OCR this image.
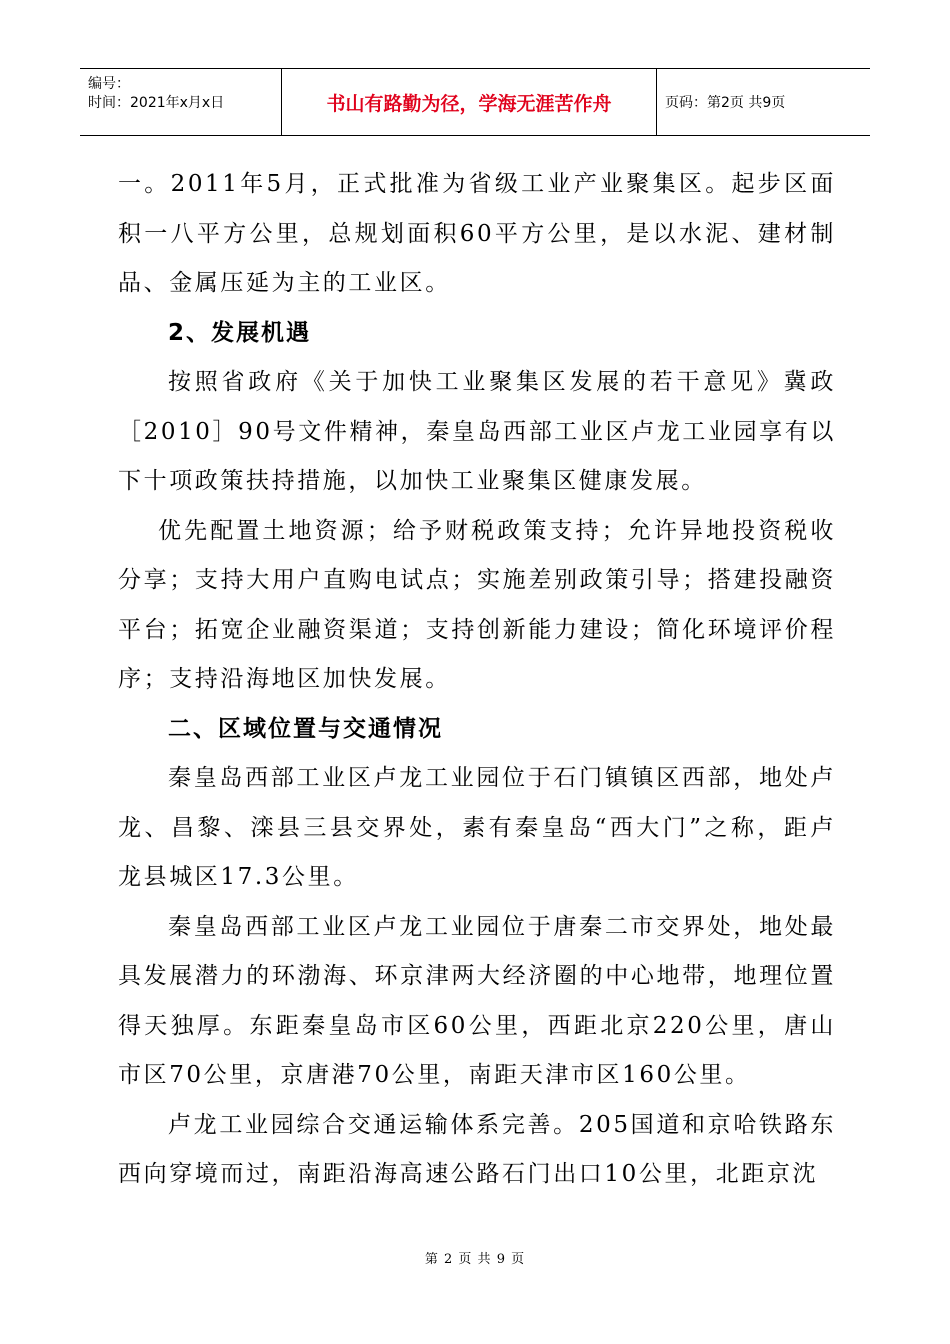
编号：
时间：2021年x月x日	书山有路勤为径，学海无涯苦作舟	页码：第2页 共9页

一。2011年5月，正式批准为省级工业产业聚集区。起步区面积一八平方公里，总规划面积60平方公里，是以水泥、建材制品、金属压延为主的工业区。

2、发展机遇

按照省政府《关于加快工业聚集区发展的若干意见》冀政［2010］90号文件精神，秦皇岛西部工业区卢龙工业园享有以下十项政策扶持措施，以加快工业聚集区健康发展。

优先配置土地资源；给予财税政策支持；允许异地投资税收分享；支持大用户直购电试点；实施差别政策引导；搭建投融资平台；拓宽企业融资渠道；支持创新能力建设；简化环境评价程序；支持沿海地区加快发展。

二、区域位置与交通情况

秦皇岛西部工业区卢龙工业园位于石门镇镇区西部，地处卢龙、昌黎、滦县三县交界处，素有秦皇岛“西大门”之称，距卢龙县城区17.3公里。

秦皇岛西部工业区卢龙工业园位于唐秦二市交界处，地处最具发展潜力的环渤海、环京津两大经济圈的中心地带，地理位置得天独厚。东距秦皇岛市区60公里，西距北京220公里，唐山市区70公里，京唐港70公里，南距天津市区160公里。

卢龙工业园综合交通运输体系完善。205国道和京哈铁路东西向穿境而过，南距沿海高速公路石门出口10公里，北距京沈

第 2 页 共 9 页
